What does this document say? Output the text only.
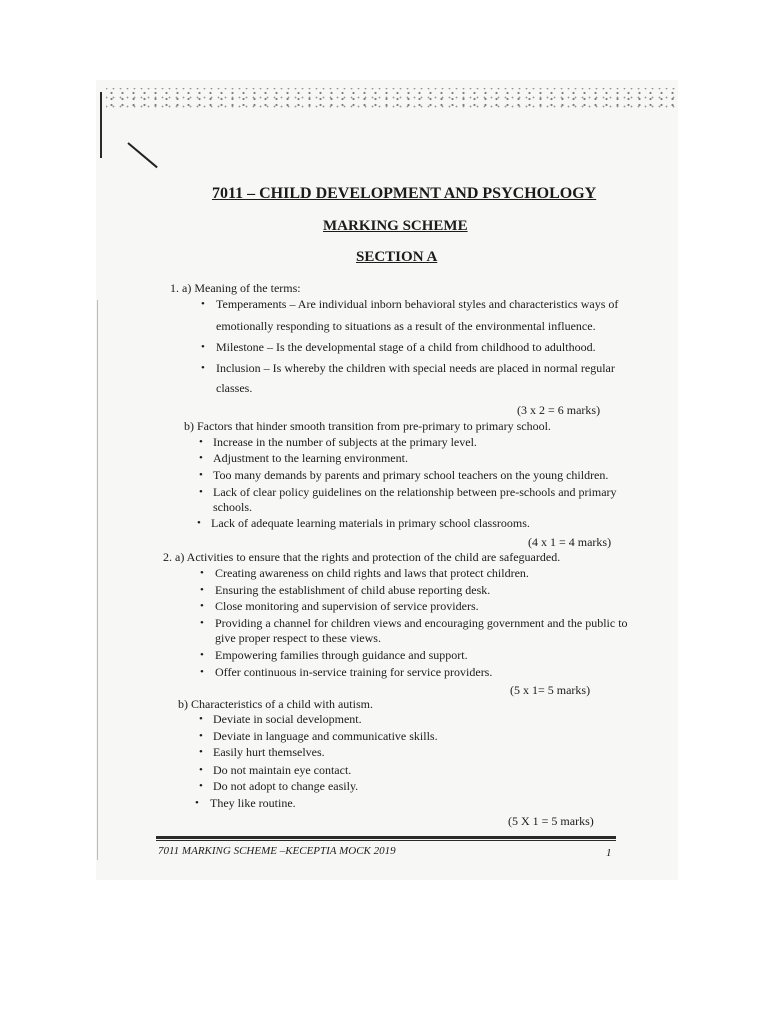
7011 – CHILD DEVELOPMENT AND PSYCHOLOGY
MARKING SCHEME
SECTION A
1. a) Meaning of the terms:
• Temperaments – Are individual inborn behavioral styles and characteristics ways of
emotionally responding to situations as a result of the environmental influence.
• Milestone – Is the developmental stage of a child from childhood to adulthood.
• Inclusion – Is whereby the children with special needs are placed in normal regular
classes.
(3 x 2 = 6 marks)
b) Factors that hinder smooth transition from pre-primary to primary school.
• Increase in the number of subjects at the primary level.
• Adjustment to the learning environment.
• Too many demands by parents and primary school teachers on the young children.
• Lack of clear policy guidelines on the relationship between pre-schools and primary
schools.
• Lack of adequate learning materials in primary school classrooms.
(4 x 1 = 4 marks)
2. a) Activities to ensure that the rights and protection of the child are safeguarded.
• Creating awareness on child rights and laws that protect children.
• Ensuring the establishment of child abuse reporting desk.
• Close monitoring and supervision of service providers.
• Providing a channel for children views and encouraging government and the public to
give proper respect to these views.
• Empowering families through guidance and support.
• Offer continuous in-service training for service providers.
(5 x 1= 5 marks)
b) Characteristics of a child with autism.
• Deviate in social development.
• Deviate in language and communicative skills.
• Easily hurt themselves.
• Do not maintain eye contact.
• Do not adopt to change easily.
• They like routine.
(5 X 1 = 5 marks)
7011 MARKING SCHEME –KECEPTIA MOCK 2019	1
